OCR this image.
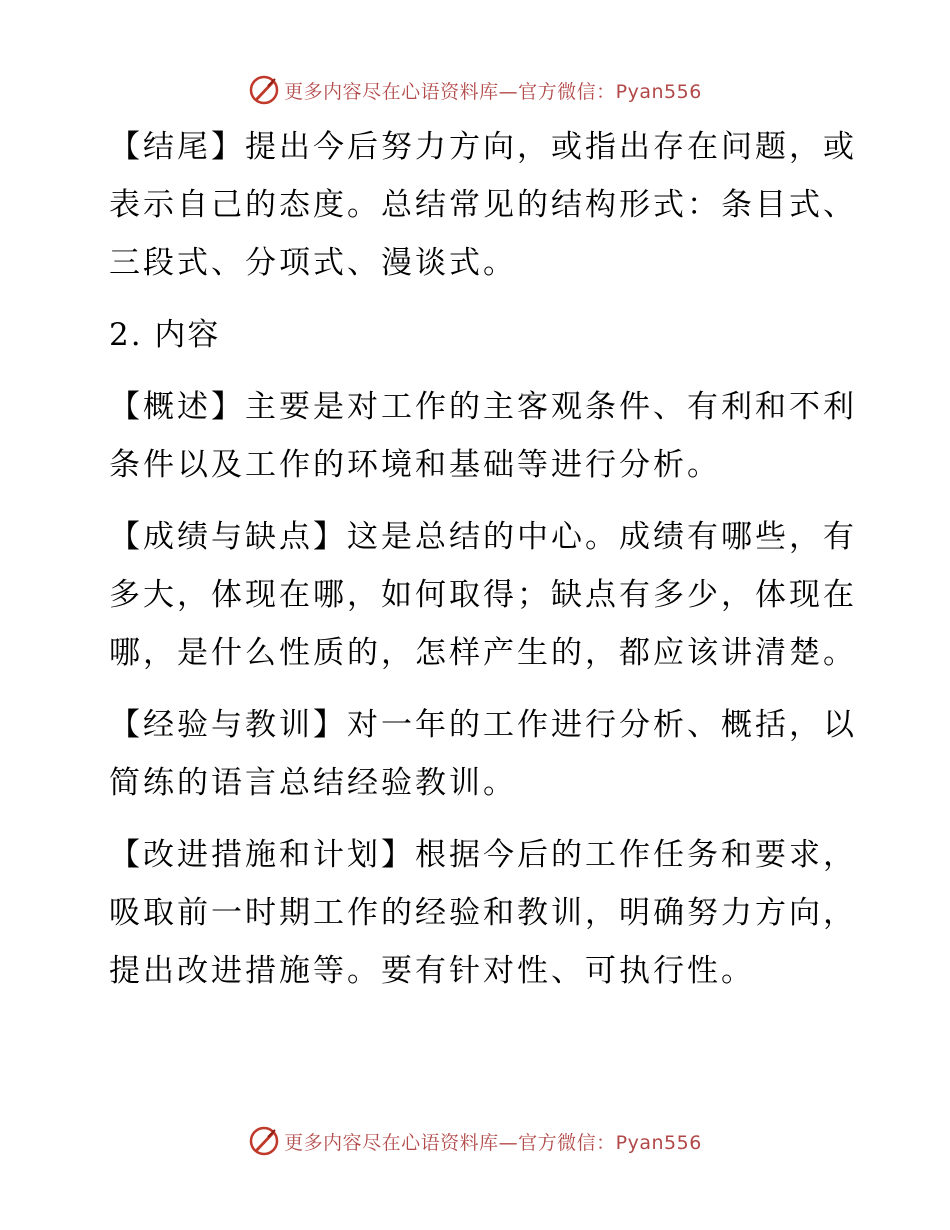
更多内容尽在心语资料库—官方微信：Pyan556

【结尾】提出今后努力方向，或指出存在问题，或表示自己的态度。总结常见的结构形式：条目式、三段式、分项式、漫谈式。

2. 内容

【概述】主要是对工作的主客观条件、有利和不利条件以及工作的环境和基础等进行分析。

【成绩与缺点】这是总结的中心。成绩有哪些，有多大，体现在哪，如何取得；缺点有多少，体现在哪，是什么性质的，怎样产生的，都应该讲清楚。

【经验与教训】对一年的工作进行分析、概括，以简练的语言总结经验教训。

【改进措施和计划】根据今后的工作任务和要求，吸取前一时期工作的经验和教训，明确努力方向，提出改进措施等。要有针对性、可执行性。

更多内容尽在心语资料库—官方微信：Pyan556
